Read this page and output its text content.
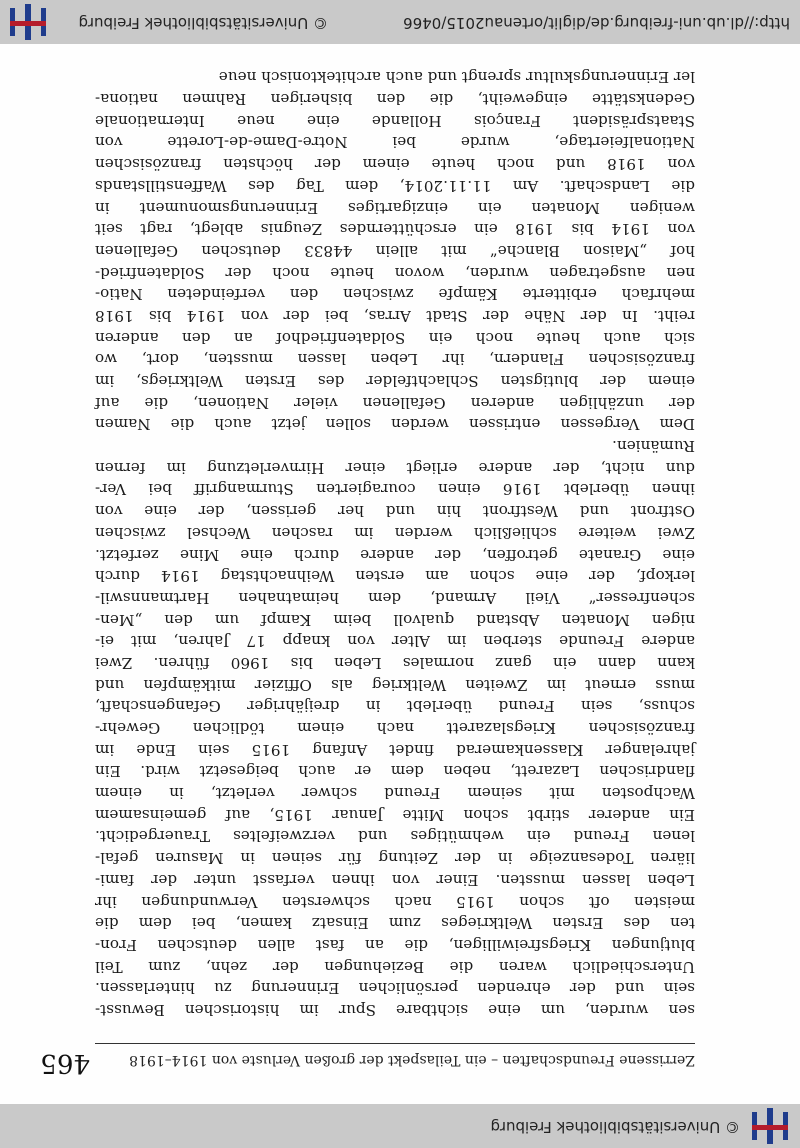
© Universitätsbibliothek Freiburg
Zerrissene Freundschaften – ein Teilaspekt der großen Verluste von 1914–1918
465
sen wurden, um eine sichtbare Spur im historischen Bewusst-
sein und der ehrenden persönlichen Erinnerung zu hinterlassen.
Unterschiedlich waren die Beziehungen der zehn, zum Teil
blutjungen Kriegsfreiwilligen, die an fast allen deutschen Fron-
ten des Ersten Weltkrieges zum Einsatz kamen, bei dem die
meisten oft schon 1915 nach schwersten Verwundungen ihr
Leben lassen mussten. Einer von ihnen verfasst unter der fami-
liären Todesanzeige in der Zeitung für seinen in Masuren gefal-
lenen Freund ein wehmütiges und verzweifeltes Trauergedicht.
Ein anderer stirbt schon Mitte Januar 1915, auf gemeinsamem
Wachposten mit seinem Freund schwer verletzt, in einem
flandrischen Lazarett, neben dem er auch beigesetzt wird. Ein
jahrelanger Klassenkamerad findet Anfang 1915 sein Ende im
französischen Kriegslazarett nach einem tödlichen Gewehr-
schuss, sein Freund überlebt in dreijähriger Gefangenschaft,
muss erneut im Zweiten Weltkrieg als Offizier mitkämpfen und
kann dann ein ganz normales Leben bis 1960 führen. Zwei
andere Freunde sterben im Alter von knapp 17 Jahren, mit ei-
nigen Monaten Abstand qualvoll beim Kampf um den „Men-
schenfresser“ Vieil Armand, dem heimatnahen Hartmannswil-
lerkopf, der eine schon am ersten Weihnachtstag 1914 durch
eine Granate getroffen, der andere durch eine Mine zerfetzt.
Zwei weitere schließlich werden im raschen Wechsel zwischen
Ostfront und Westfront hin und her gerissen, der eine von
ihnen überlebt 1916 einen couragierten Sturmangriff bei Ver-
dun nicht, der andere erliegt einer Hirnverletzung im fernen
Rumänien.
Dem Vergessen entrissen werden sollen jetzt auch die Namen
der unzähligen anderen Gefallenen vieler Nationen, die auf
einem der blutigsten Schlachtfelder des Ersten Weltkriegs, im
französischen Flandern, ihr Leben lassen mussten, dort, wo
sich auch heute noch ein Soldatenfriedhof an den anderen
reiht. In der Nähe der Stadt Arras, bei der von 1914 bis 1918
mehrfach erbitterte Kämpfe zwischen den verfeindeten Natio-
nen ausgetragen wurden, wovon heute noch der Soldatenfried-
hof „Maison Blanche“ mit allein 44833 deutschen Gefallenen
von 1914 bis 1918 ein erschütterndes Zeugnis ablegt, ragt seit
wenigen Monaten ein einzigartiges Erinnerungsmonument in
die Landschaft. Am 11.11.2014, dem Tag des Waffenstillstands
von 1918 und noch heute einem der höchsten französischen
Nationalfeiertage, wurde bei Notre-Dame-de-Lorette von
Staatspräsident François Hollande eine neue Internationale
Gedenkstätte eingeweiht, die den bisherigen Rahmen nationa-
ler Erinnerungskultur sprengt und auch architektonisch neue
http://dl.ub.uni-freiburg.de/diglit/ortenau2015/0466
© Universitätsbibliothek Freiburg
